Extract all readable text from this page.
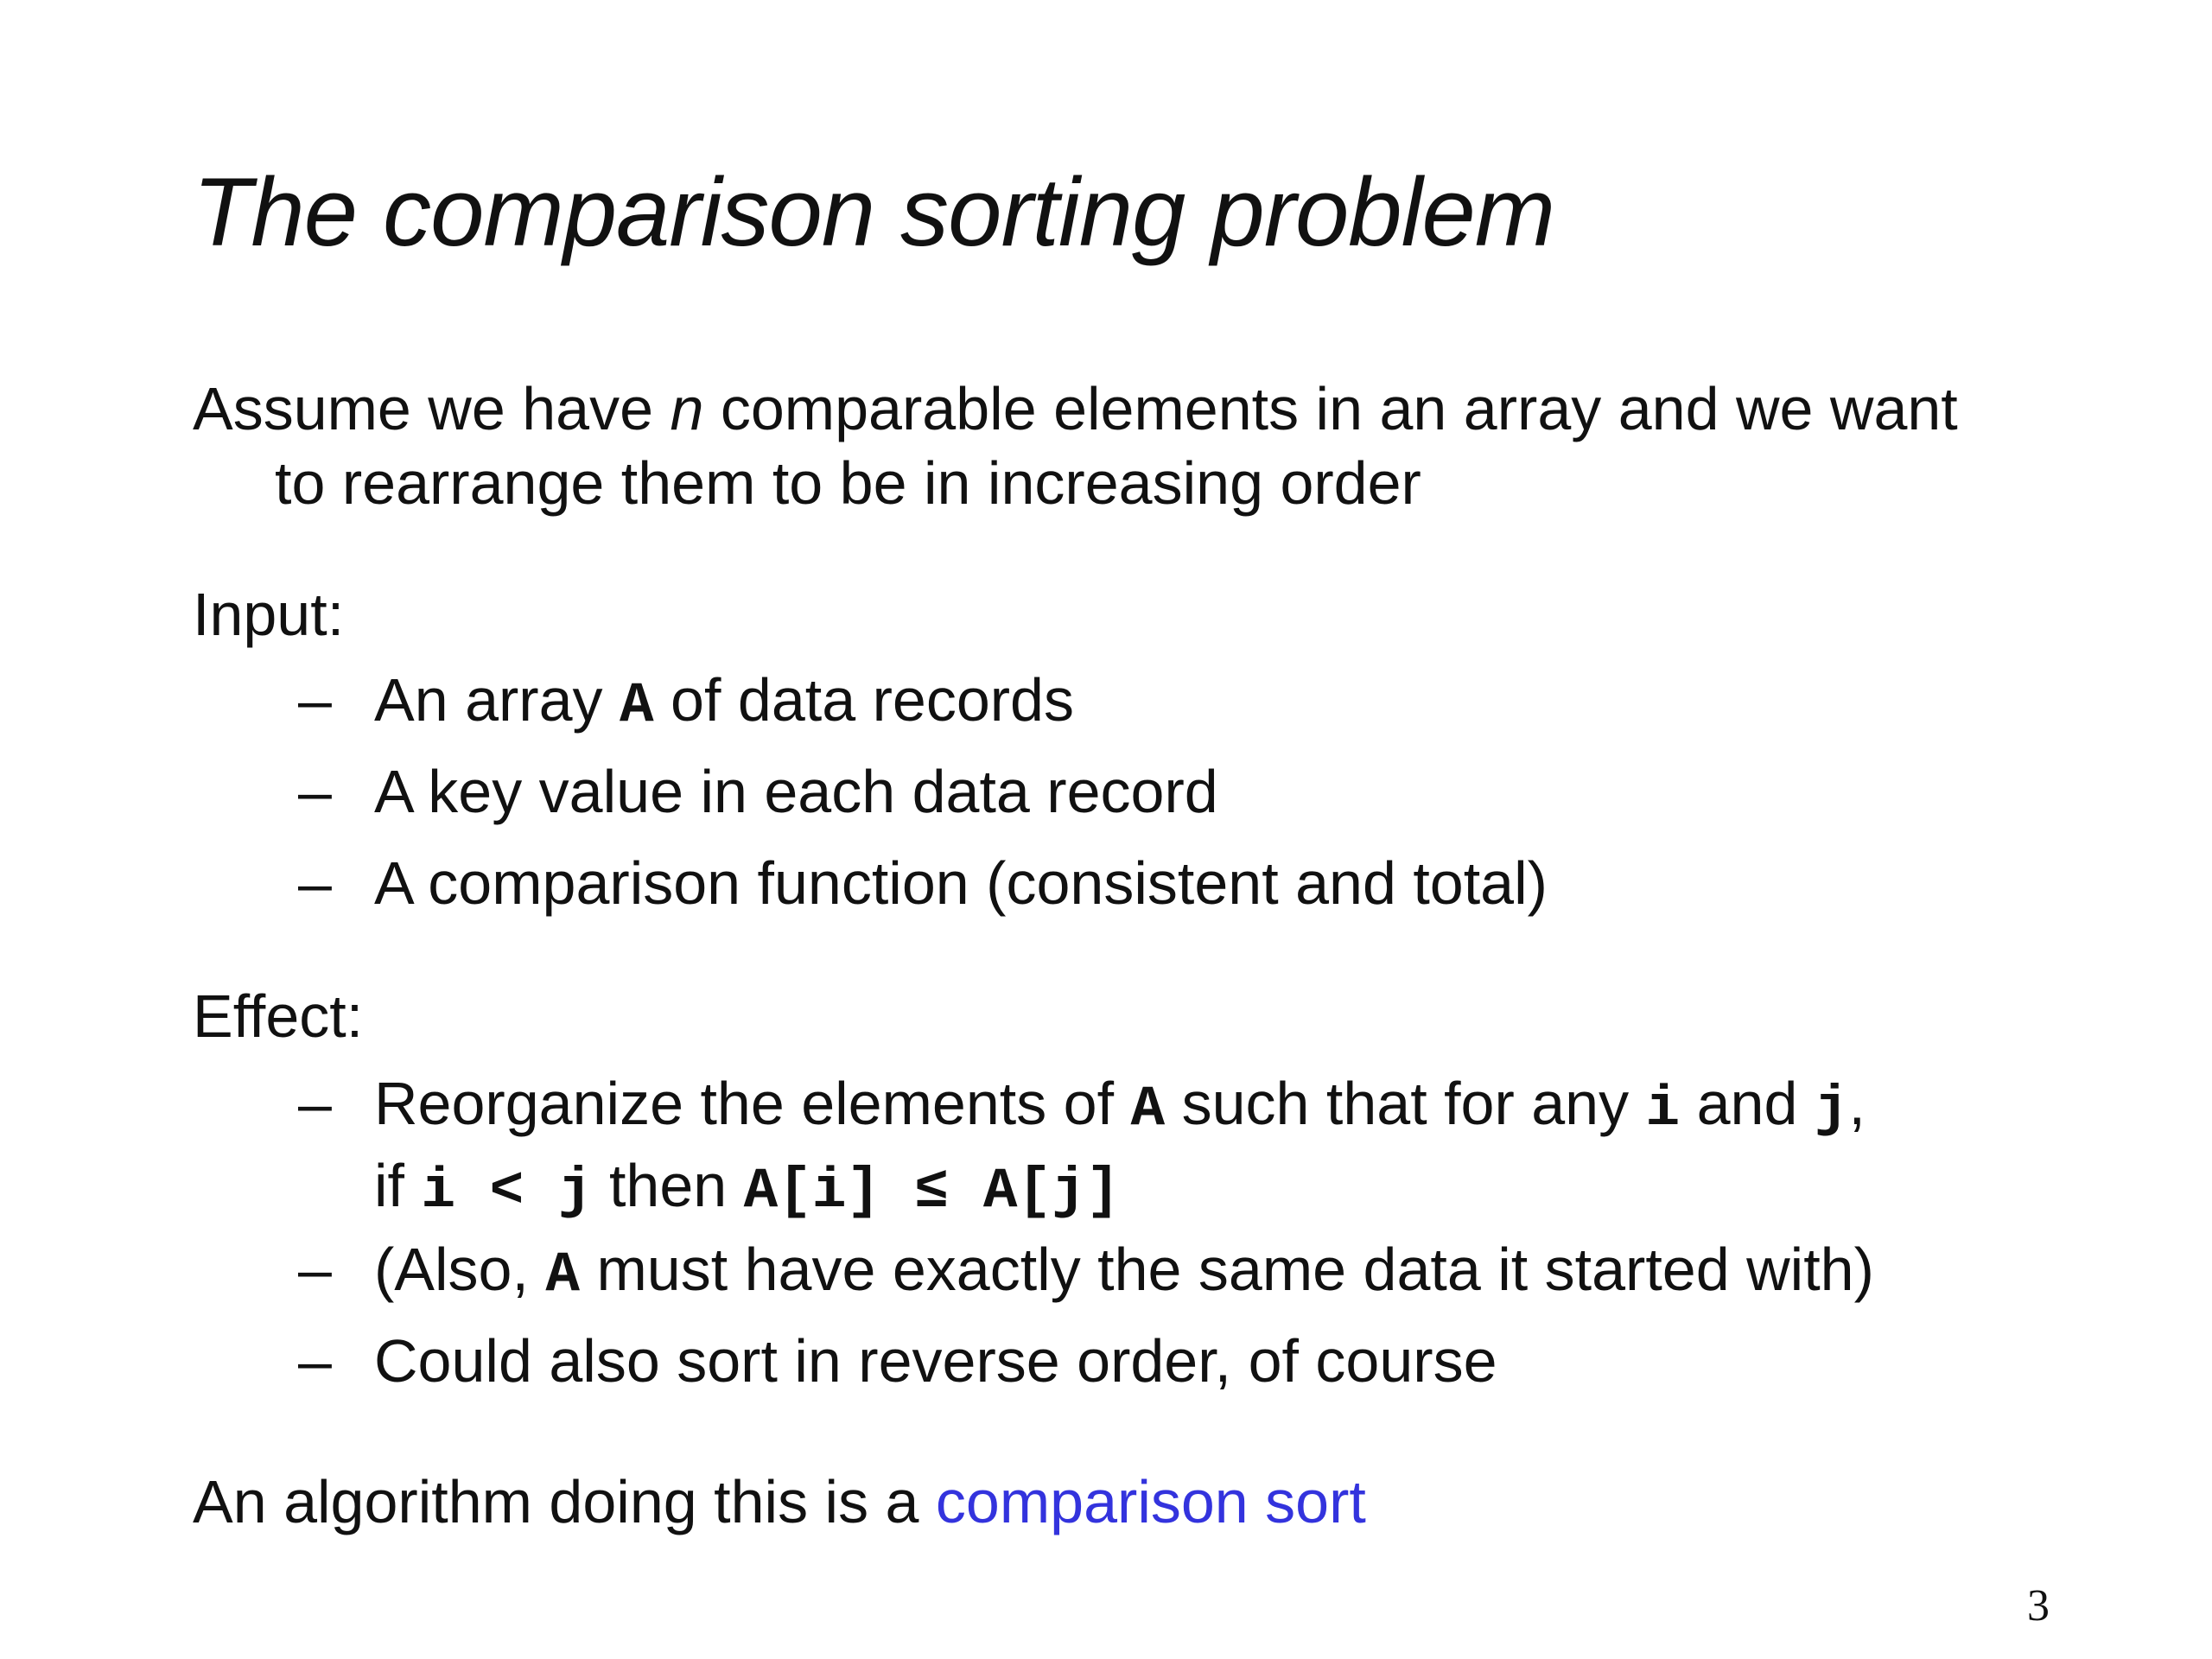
The comparison sorting problem
Assume we have n comparable elements in an array and we want
to rearrange them to be in increasing order
Input:
– An array A of data records
– A key value in each data record
– A comparison function (consistent and total)
Effect:
– Reorganize the elements of A such that for any i and j,
if i < j then A[i] ≤ A[j]
– (Also, A must have exactly the same data it started with)
– Could also sort in reverse order, of course
An algorithm doing this is a comparison sort
3
